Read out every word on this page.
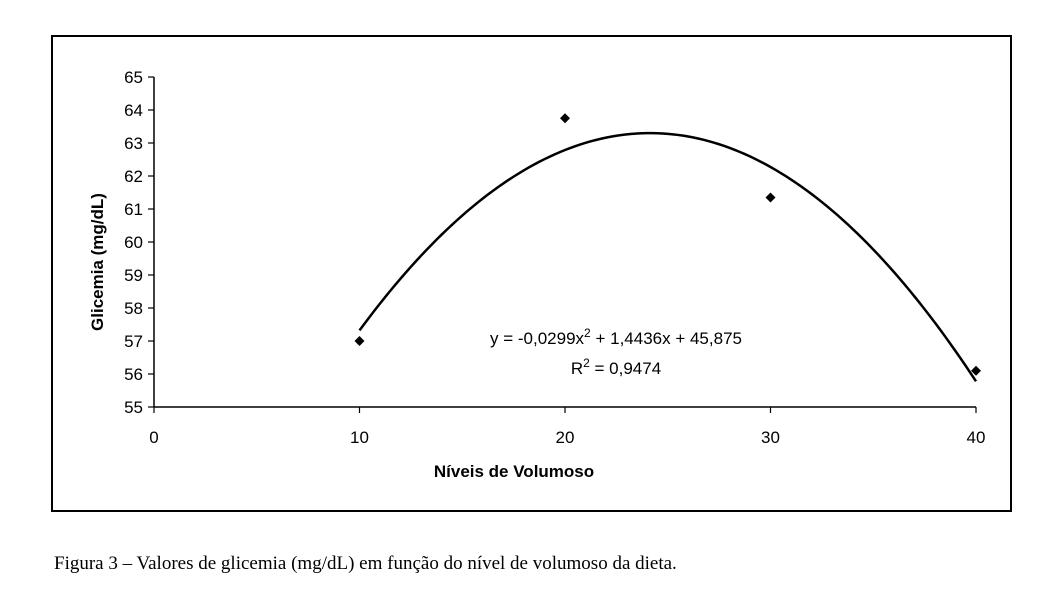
55
56
57
58
59
60
61
62
63
64
65
0	10	20	30	40
Níveis de Volumoso
Glicemia (mg/dL)
$y = -0,0299x^2 + 1,4436x + 45,875$
$R^2 = 0,9474$

Figura 3 – Valores de glicemia (mg/dL) em função do nível de volumoso da dieta.
